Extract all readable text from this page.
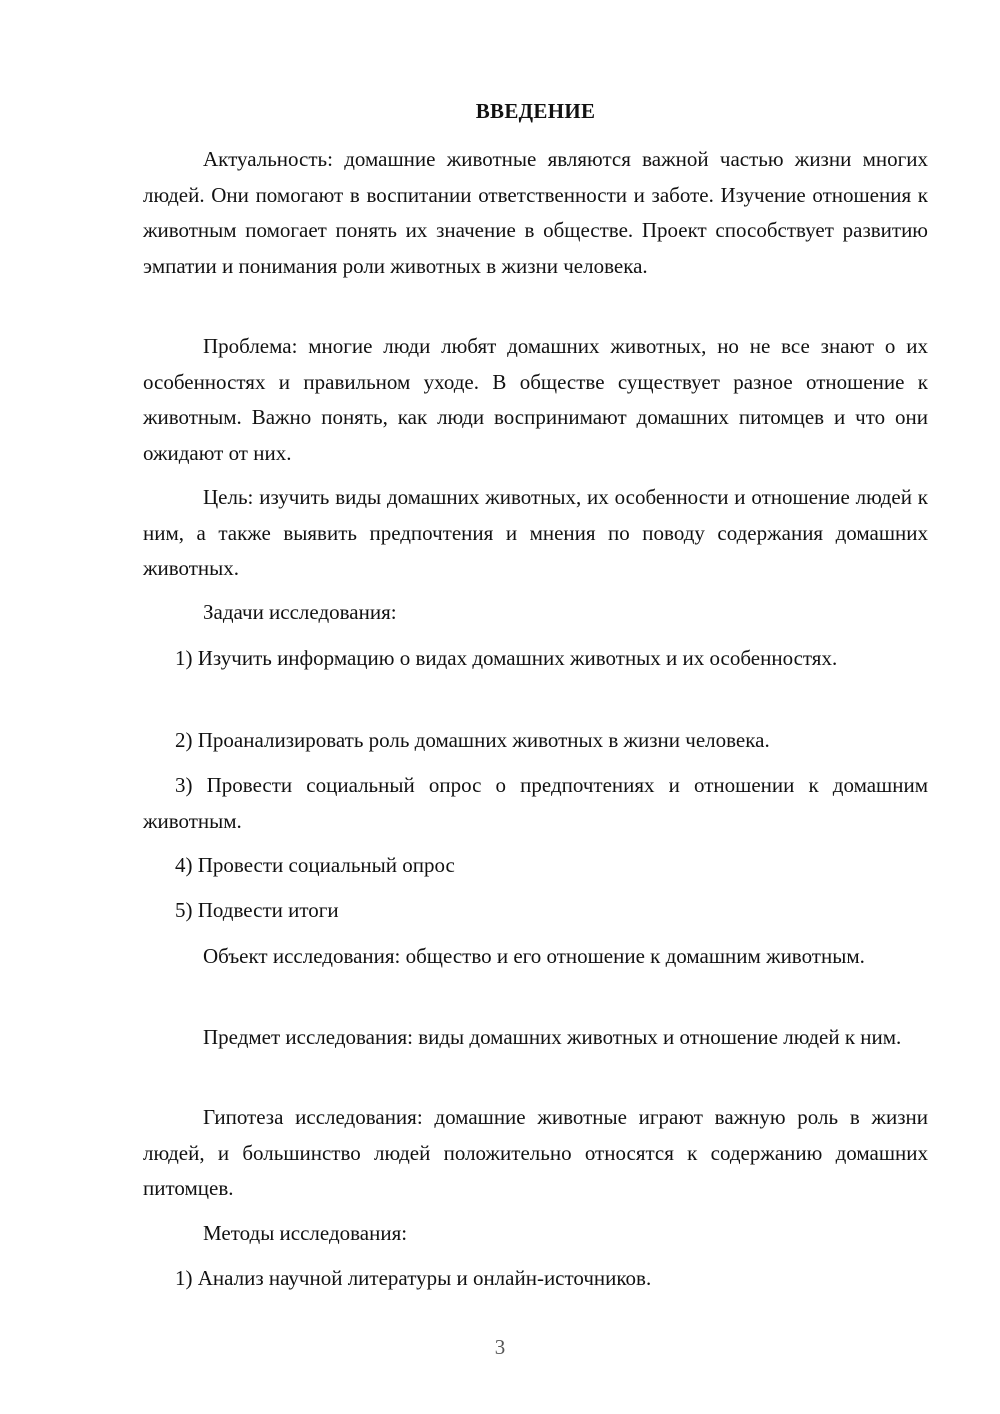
ВВЕДЕНИЕ

Актуальность: домашние животные являются важной частью жизни многих людей. Они помогают в воспитании ответственности и заботе. Изучение отношения к животным помогает понять их значение в обществе. Проект способствует развитию эмпатии и понимания роли животных в жизни человека.

Проблема: многие люди любят домашних животных, но не все знают о их особенностях и правильном уходе. В обществе существует разное отношение к животным. Важно понять, как люди воспринимают домашних питомцев и что они ожидают от них.

Цель: изучить виды домашних животных, их особенности и отношение людей к ним, а также выявить предпочтения и мнения по поводу содержания домашних животных.

Задачи исследования:

1) Изучить информацию о видах домашних животных и их особенностях.

2) Проанализировать роль домашних животных в жизни человека.

3) Провести социальный опрос о предпочтениях и отношении к домашним животным.

4) Провести социальный опрос

5) Подвести итоги

Объект исследования: общество и его отношение к домашним животным.

Предмет исследования: виды домашних животных и отношение людей к ним.

Гипотеза исследования: домашние животные играют важную роль в жизни людей, и большинство людей положительно относятся к содержанию домашних питомцев.

Методы исследования:

1) Анализ научной литературы и онлайн-источников.

3
